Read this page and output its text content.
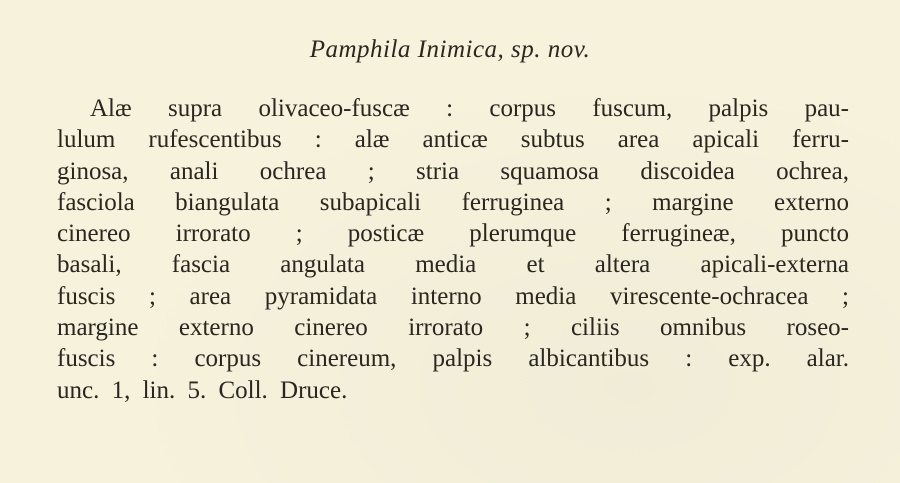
Pamphila Inimica, sp. nov.
Alæ supra olivaceo-fuscæ : corpus fuscum, palpis pau-
lulum rufescentibus : alæ anticæ subtus area apicali ferru-
ginosa, anali ochrea ; stria squamosa discoidea ochrea,
fasciola biangulata subapicali ferruginea ; margine externo
cinereo irrorato ; posticæ plerumque ferrugineæ, puncto
basali, fascia angulata media et altera apicali-externa
fuscis ; area pyramidata interno media virescente-ochracea ;
margine externo cinereo irrorato ; ciliis omnibus roseo-
fuscis : corpus cinereum, palpis albicantibus : exp. alar.
unc. 1, lin. 5. Coll. Druce.
